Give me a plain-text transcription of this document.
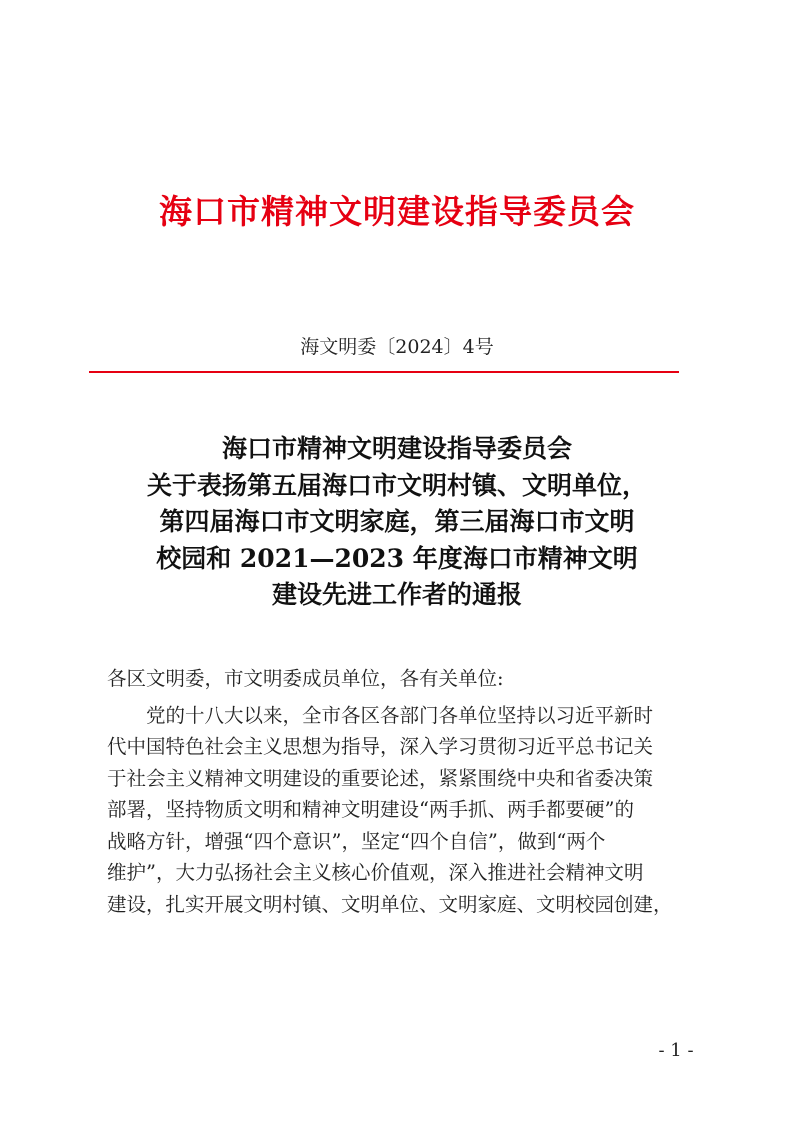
海口市精神文明建设指导委员会
海文明委〔2024〕4号
海口市精神文明建设指导委员会
关于表扬第五届海口市文明村镇、文明单位，
第四届海口市文明家庭，第三届海口市文明
校园和 2021—2023 年度海口市精神文明
建设先进工作者的通报
各区文明委，市文明委成员单位，各有关单位:
　　党的十八大以来，全市各区各部门各单位坚持以习近平新时
代中国特色社会主义思想为指导，深入学习贯彻习近平总书记关
于社会主义精神文明建设的重要论述，紧紧围绕中央和省委决策
部署，坚持物质文明和精神文明建设“两手抓、两手都要硬”的
战略方针，增强“四个意识”，坚定“四个自信”，做到“两个
维护”，大力弘扬社会主义核心价值观，深入推进社会精神文明
建设，扎实开展文明村镇、文明单位、文明家庭、文明校园创建，
- 1 -
